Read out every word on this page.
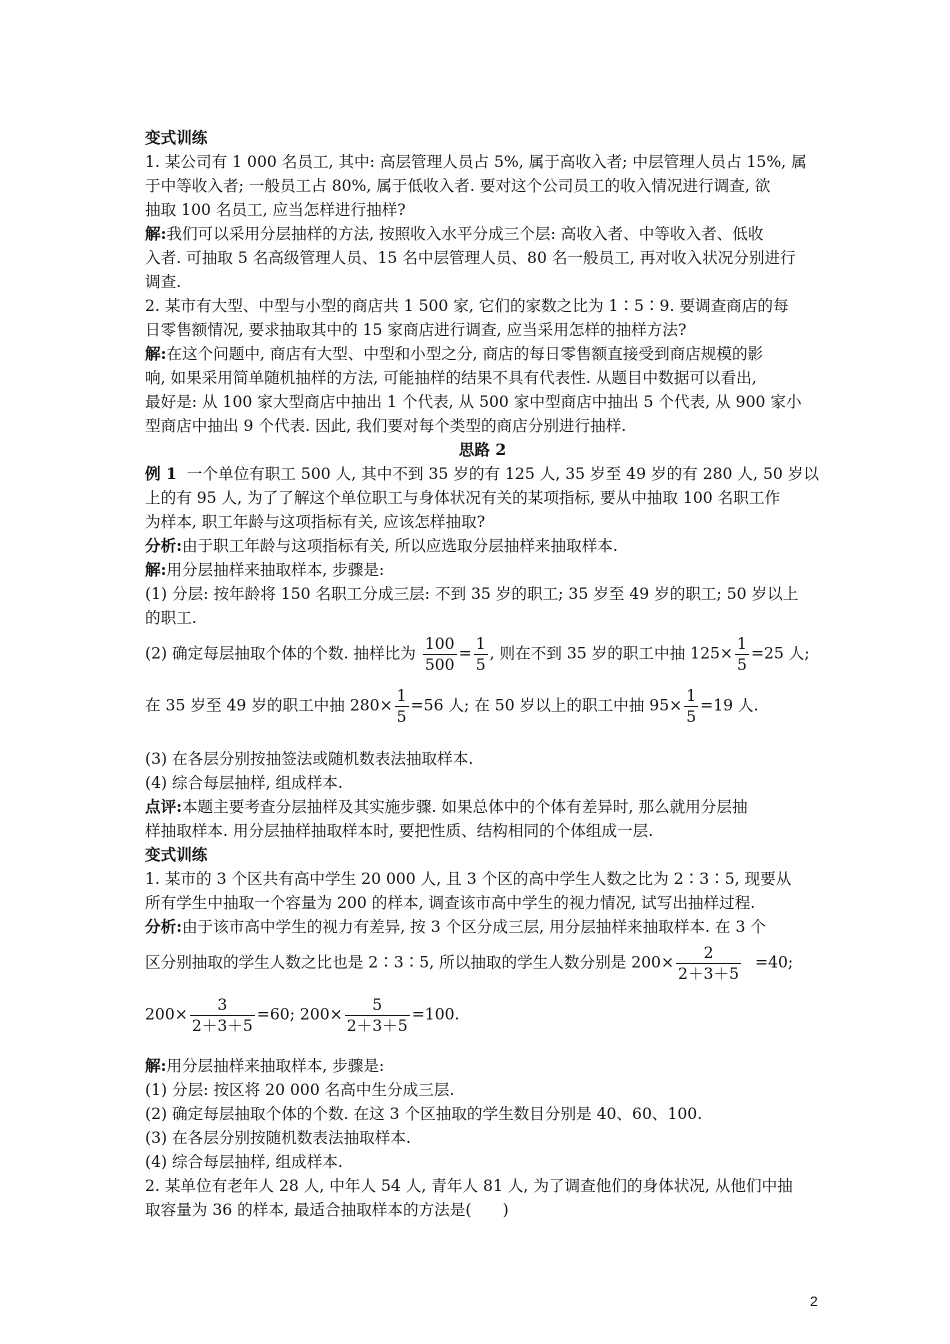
变式训练
1. 某公司有 1 000 名员工, 其中: 高层管理人员占 5%, 属于高收入者; 中层管理人员占 15%, 属
于中等收入者; 一般员工占 80%, 属于低收入者. 要对这个公司员工的收入情况进行调查, 欲
抽取 100 名员工, 应当怎样进行抽样?
解:我们可以采用分层抽样的方法, 按照收入水平分成三个层: 高收入者、中等收入者、低收
入者. 可抽取 5 名高级管理人员、15 名中层管理人员、80 名一般员工, 再对收入状况分别进行
调查.
2. 某市有大型、中型与小型的商店共 1 500 家, 它们的家数之比为 1∶5∶9. 要调查商店的每
日零售额情况, 要求抽取其中的 15 家商店进行调查, 应当采用怎样的抽样方法?
解:在这个问题中, 商店有大型、中型和小型之分, 商店的每日零售额直接受到商店规模的影
响, 如果采用简单随机抽样的方法, 可能抽样的结果不具有代表性. 从题目中数据可以看出,
最好是: 从 100 家大型商店中抽出 1 个代表, 从 500 家中型商店中抽出 5 个代表, 从 900 家小
型商店中抽出 9 个代表. 因此, 我们要对每个类型的商店分别进行抽样.
思路 2
例 1 一个单位有职工 500 人, 其中不到 35 岁的有 125 人, 35 岁至 49 岁的有 280 人, 50 岁以
上的有 95 人, 为了了解这个单位职工与身体状况有关的某项指标, 要从中抽取 100 名职工作
为样本, 职工年龄与这项指标有关, 应该怎样抽取?
分析:由于职工年龄与这项指标有关, 所以应选取分层抽样来抽取样本.
解:用分层抽样来抽取样本, 步骤是:
(1) 分层: 按年龄将 150 名职工分成三层: 不到 35 岁的职工; 35 岁至 49 岁的职工; 50 岁以上
的职工.
(2) 确定每层抽取个体的个数. 抽样比为 $\frac{100}{500} = \frac{1}{5}$ , 则在不到 35 岁的职工中抽 $125\times \frac{1}{5} =25$ 人;
在 35 岁至 49 岁的职工中抽 $280\times \frac{1}{5} =56$ 人; 在 50 岁以上的职工中抽 $95\times \frac{1}{5} =19$ 人.
(3) 在各层分别按抽签法或随机数表法抽取样本.
(4) 综合每层抽样, 组成样本.
点评:本题主要考查分层抽样及其实施步骤. 如果总体中的个体有差异时, 那么就用分层抽
样抽取样本. 用分层抽样抽取样本时, 要把性质、结构相同的个体组成一层.
变式训练
1. 某市的 3 个区共有高中学生 20 000 人, 且 3 个区的高中学生人数之比为 2∶3∶5, 现要从
所有学生中抽取一个容量为 200 的样本, 调查该市高中学生的视力情况, 试写出抽样过程.
分析:由于该市高中学生的视力有差异, 按 3 个区分成三层, 用分层抽样来抽取样本. 在 3 个
区分别抽取的学生人数之比也是 2∶3∶5, 所以抽取的学生人数分别是 $200\times \frac{2}{2+3+5} =40$;
$200\times \frac{3}{2+3+5} =60$; $200\times \frac{5}{2+3+5} =100$.
解:用分层抽样来抽取样本, 步骤是:
(1) 分层: 按区将 20 000 名高中生分成三层.
(2) 确定每层抽取个体的个数. 在这 3 个区抽取的学生数目分别是 40、60、100.
(3) 在各层分别按随机数表法抽取样本.
(4) 综合每层抽样, 组成样本.
2. 某单位有老年人 28 人, 中年人 54 人, 青年人 81 人, 为了调查他们的身体状况, 从他们中抽
取容量为 36 的样本, 最适合抽取样本的方法是(　　)
2
